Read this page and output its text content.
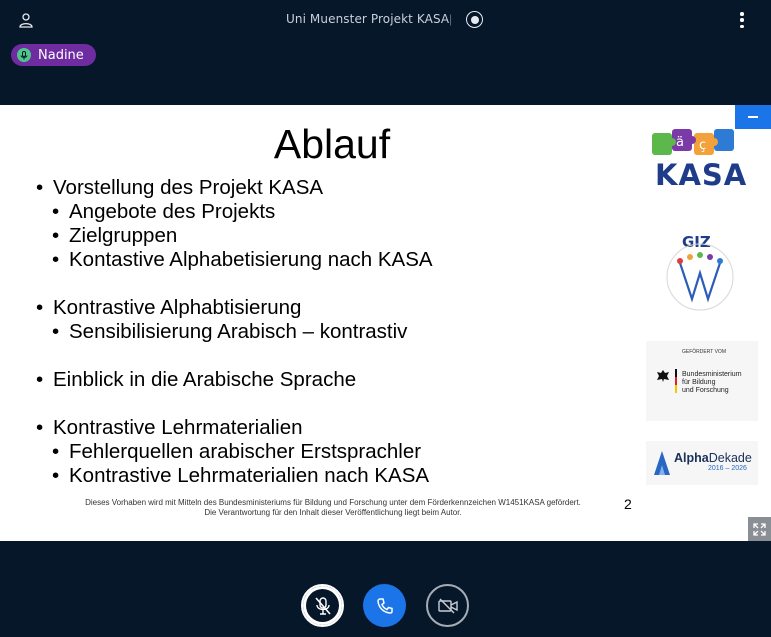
Uni Muenster Projekt KASA |
Nadine
Ablauf
• Vorstellung des Projekt KASA
• Angebote des Projekts
• Zielgruppen
• Kontastive Alphabetisierung nach KASA
• Kontrastive Alphabtisierung
• Sensibilisierung Arabisch – kontrastiv
• Einblick in die Arabische Sprache
• Kontrastive Lehrmaterialien
• Fehlerquellen arabischer Erstsprachler
• Kontrastive Lehrmaterialien nach KASA
Dieses Vorhaben wird mit Mitteln des Bundesministeriums für Bildung und Forschung unter dem Förderkennzeichen W1451KASA gefördert.
Die Verantwortung für den Inhalt dieser Veröffentlichung liegt beim Autor.
2
ä ç
KASA
GIZ
GEFÖRDERT VOM
Bundesministerium
für Bildung
und Forschung
AlphaDekade
2016 – 2026
